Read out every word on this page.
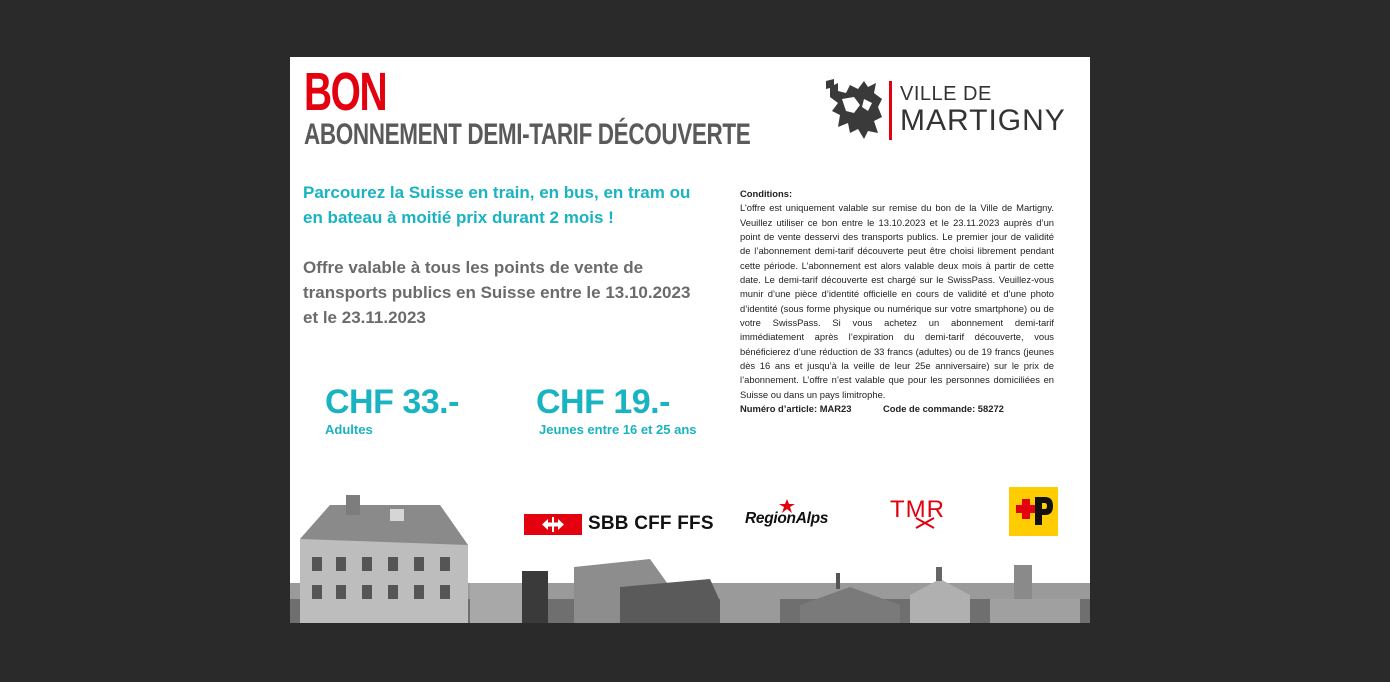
BON
ABONNEMENT DEMI-TARIF DÉCOUVERTE

Parcourez la Suisse en train, en bus, en tram ou
en bateau à moitié prix durant 2 mois !

Offre valable à tous les points de vente de
transports publics en Suisse entre le 13.10.2023
et le 23.11.2023

CHF 33.-
Adultes
CHF 19.-
Jeunes entre 16 et 25 ans
Conditions:
L’offre est uniquement valable sur remise du bon de la Ville de Martigny. Veuillez utiliser ce bon entre le 13.10.2023 et le 23.11.2023 auprès d’un point de vente desservi des transports publics. Le premier jour de validité de l’abonnement demi-tarif découverte peut être choisi librement pendant cette période. L’abonnement est alors valable deux mois à partir de cette date. Le demi-tarif découverte est chargé sur le SwissPass. Veuillez-vous munir d’une pièce d’identité officielle en cours de validité et d’une photo d’identité (sous forme physique ou numérique sur votre smartphone) ou de votre SwissPass. Si vous achetez un abonnement demi-tarif immédiatement après l’expiration du demi-tarif découverte, vous bénéficierez d’une réduction de 33 francs (adultes) ou de 19 francs (jeunes dès 16 ans et jusqu’à la veille de leur 25e anniversaire) sur le prix de l’abonnement. L’offre n’est valable que pour les personnes domiciliées en Suisse ou dans un pays limitrophe.
Numéro d’article: MAR23	Code de commande: 58272
VILLE DE
MARTIGNY
SBB CFF FFS RegionAlps	TMR
